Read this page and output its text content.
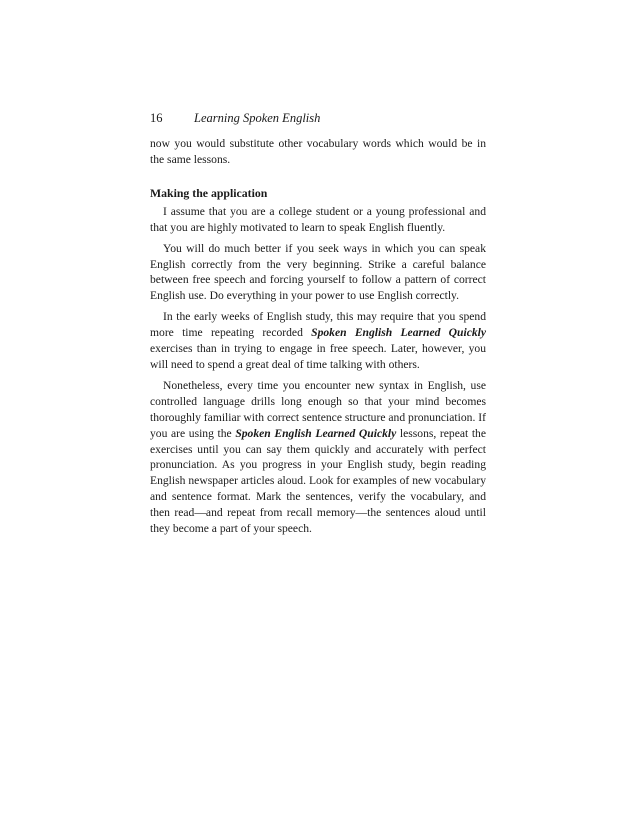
16	Learning Spoken English

now you would substitute other vocabulary words which would be in the same lessons.

Making the application

I assume that you are a college student or a young professional and that you are highly motivated to learn to speak English fluently.

You will do much better if you seek ways in which you can speak English correctly from the very beginning. Strike a careful balance between free speech and forcing yourself to follow a pattern of correct English use. Do everything in your power to use English correctly.

In the early weeks of English study, this may require that you spend more time repeating recorded Spoken English Learned Quickly exercises than in trying to engage in free speech. Later, however, you will need to spend a great deal of time talking with others.

Nonetheless, every time you encounter new syntax in English, use controlled language drills long enough so that your mind becomes thoroughly familiar with correct sentence structure and pronunciation. If you are using the Spoken English Learned Quickly lessons, repeat the exercises until you can say them quickly and accurately with perfect pronunciation. As you progress in your English study, begin reading English newspaper articles aloud. Look for examples of new vocabulary and sentence format. Mark the sentences, verify the vocabulary, and then read—and repeat from recall memory—the sentences aloud until they become a part of your speech.
